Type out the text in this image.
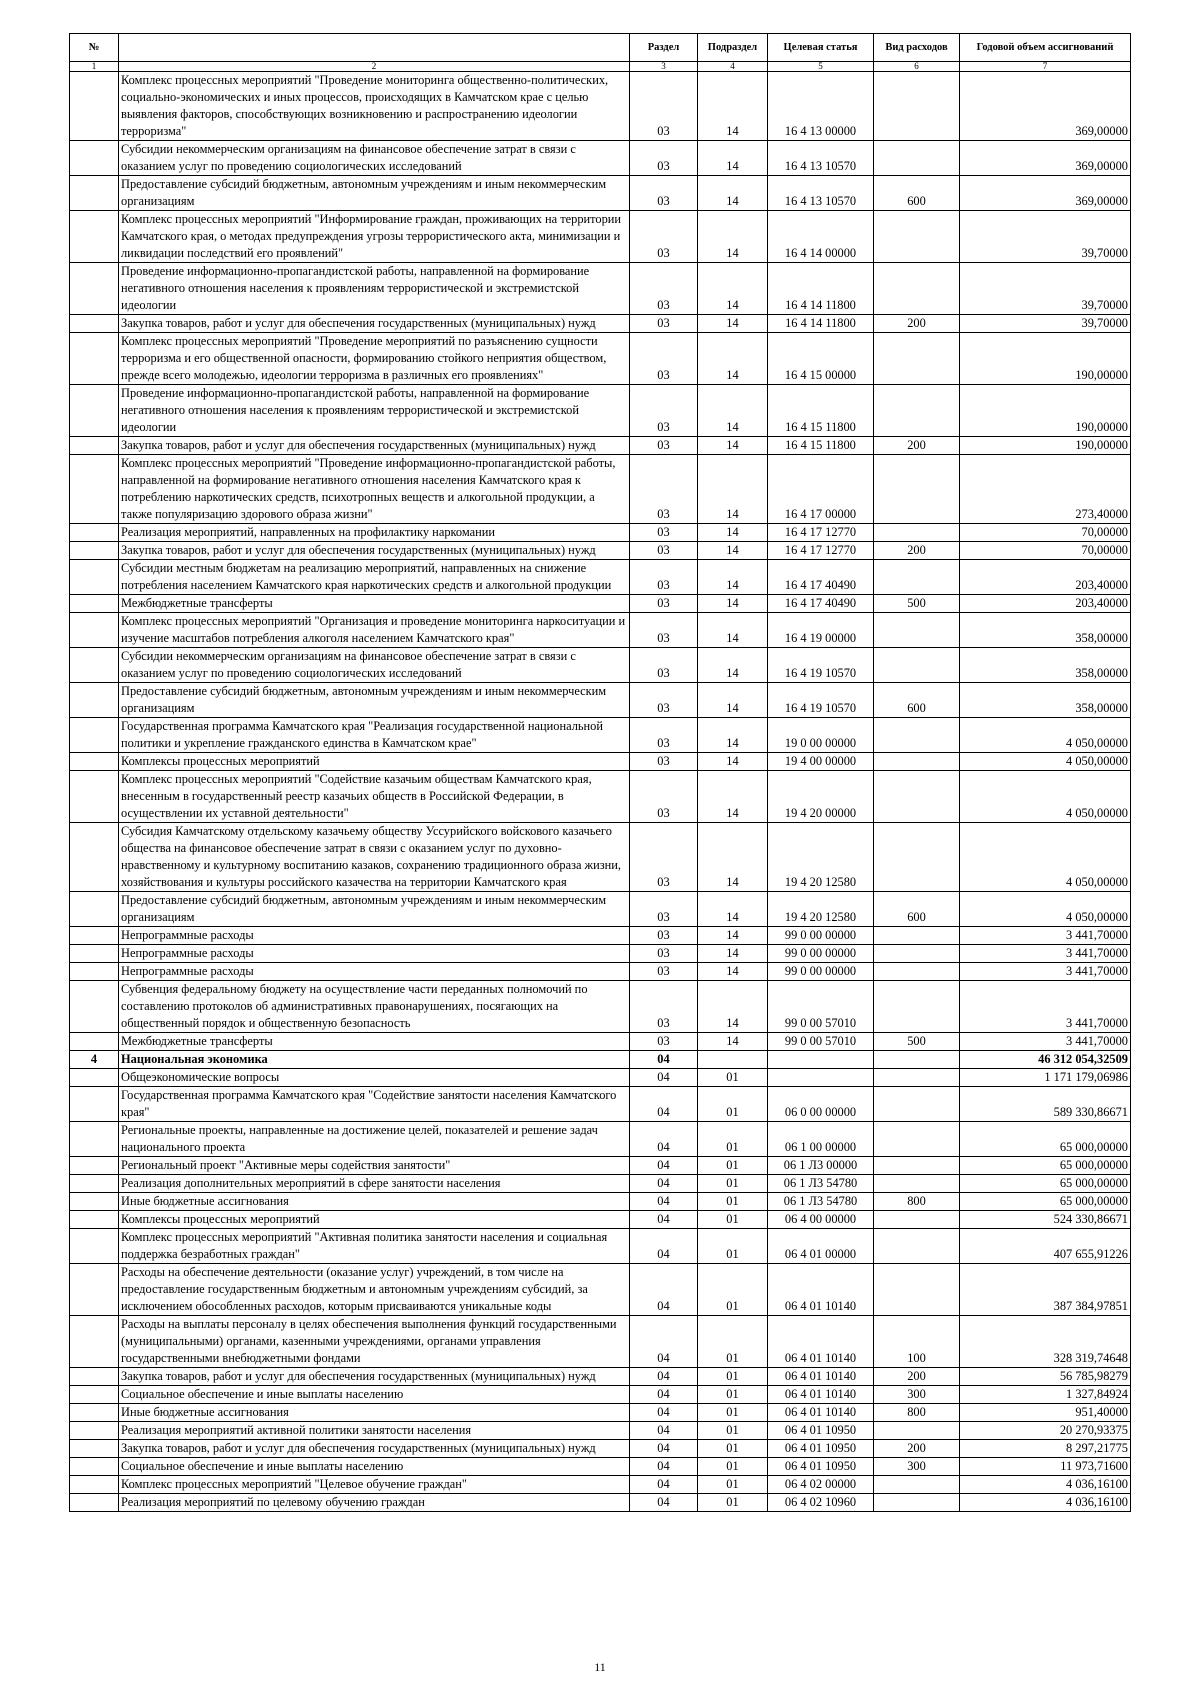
№		Раздел	Подраздел	Целевая статья	Вид расходов	Годовой объем ассигнований
1	2	3	4	5	6	7
	Комплекс процессных мероприятий "Проведение мониторинга общественно-политических, социально-экономических и иных процессов, происходящих в Камчатском крае с целью выявления факторов, способствующих возникновению и распространению идеологии терроризма"	03	14	16 4 13 00000		369,00000
	Субсидии некоммерческим организациям на финансовое обеспечение затрат в связи с оказанием услуг по проведению социологических исследований	03	14	16 4 13 10570		369,00000
	Предоставление субсидий бюджетным, автономным учреждениям и иным некоммерческим организациям	03	14	16 4 13 10570	600	369,00000
	Комплекс процессных мероприятий "Информирование граждан, проживающих на территории Камчатского края, о методах предупреждения угрозы террористического акта, минимизации и ликвидации последствий его проявлений"	03	14	16 4 14 00000		39,70000
	Проведение информационно-пропагандистской работы, направленной на формирование негативного отношения населения к проявлениям террористической и экстремистской идеологии	03	14	16 4 14 11800		39,70000
	Закупка товаров, работ и услуг для обеспечения государственных (муниципальных) нужд	03	14	16 4 14 11800	200	39,70000
	Комплекс процессных мероприятий "Проведение мероприятий по разъяснению сущности терроризма и его общественной опасности, формированию стойкого неприятия обществом, прежде всего молодежью, идеологии терроризма в различных его проявлениях"	03	14	16 4 15 00000		190,00000
	Проведение информационно-пропагандистской работы, направленной на формирование негативного отношения населения к проявлениям террористической и экстремистской идеологии	03	14	16 4 15 11800		190,00000
	Закупка товаров, работ и услуг для обеспечения государственных (муниципальных) нужд	03	14	16 4 15 11800	200	190,00000
	Комплекс процессных мероприятий "Проведение информационно-пропагандистской работы, направленной на формирование негативного отношения населения Камчатского края к потреблению наркотических средств, психотропных веществ и алкогольной продукции, а также популяризацию здорового образа жизни"	03	14	16 4 17 00000		273,40000
	Реализация мероприятий, направленных на профилактику наркомании	03	14	16 4 17 12770		70,00000
	Закупка товаров, работ и услуг для обеспечения государственных (муниципальных) нужд	03	14	16 4 17 12770	200	70,00000
	Субсидии местным бюджетам на реализацию мероприятий, направленных на снижение потребления населением Камчатского края наркотических средств и алкогольной продукции	03	14	16 4 17 40490		203,40000
	Межбюджетные трансферты	03	14	16 4 17 40490	500	203,40000
	Комплекс процессных мероприятий "Организация и проведение мониторинга наркоситуации и изучение масштабов потребления алкоголя населением Камчатского края"	03	14	16 4 19 00000		358,00000
	Субсидии некоммерческим организациям на финансовое обеспечение затрат в связи с оказанием услуг по проведению социологических исследований	03	14	16 4 19 10570		358,00000
	Предоставление субсидий бюджетным, автономным учреждениям и иным некоммерческим организациям	03	14	16 4 19 10570	600	358,00000
	Государственная программа Камчатского края "Реализация государственной национальной политики и укрепление гражданского единства в Камчатском крае"	03	14	19 0 00 00000		4 050,00000
	Комплексы процессных мероприятий	03	14	19 4 00 00000		4 050,00000
	Комплекс процессных мероприятий "Содействие казачьим обществам Камчатского края, внесенным в государственный реестр казачьих обществ в Российской Федерации, в осуществлении их уставной деятельности"	03	14	19 4 20 00000		4 050,00000
	Субсидия Камчатскому отдельскому казачьему обществу Уссурийского войскового казачьего общества на финансовое обеспечение затрат в связи с оказанием услуг по духовно-нравственному и культурному воспитанию казаков, сохранению традиционного образа жизни, хозяйствования и культуры российского казачества на территории Камчатского края	03	14	19 4 20 12580		4 050,00000
	Предоставление субсидий бюджетным, автономным учреждениям и иным некоммерческим организациям	03	14	19 4 20 12580	600	4 050,00000
	Непрограммные расходы	03	14	99 0 00 00000		3 441,70000
	Непрограммные расходы	03	14	99 0 00 00000		3 441,70000
	Непрограммные расходы	03	14	99 0 00 00000		3 441,70000
	Субвенция федеральному бюджету на осуществление части переданных полномочий по составлению протоколов об административных правонарушениях, посягающих на общественный порядок и общественную безопасность	03	14	99 0 00 57010		3 441,70000
	Межбюджетные трансферты	03	14	99 0 00 57010	500	3 441,70000
4	Национальная экономика	04				46 312 054,32509
	Общеэкономические вопросы	04	01			1 171 179,06986
	Государственная программа Камчатского края "Содействие занятости населения Камчатского края"	04	01	06 0 00 00000		589 330,86671
	Региональные проекты, направленные на достижение целей, показателей и решение задач национального проекта	04	01	06 1 00 00000		65 000,00000
	Региональный проект "Активные меры содействия занятости"	04	01	06 1 Л3 00000		65 000,00000
	Реализация дополнительных мероприятий в сфере занятости населения	04	01	06 1 Л3 54780		65 000,00000
	Иные бюджетные ассигнования	04	01	06 1 Л3 54780	800	65 000,00000
	Комплексы процессных мероприятий	04	01	06 4 00 00000		524 330,86671
	Комплекс процессных мероприятий "Активная политика занятости населения и социальная поддержка безработных граждан"	04	01	06 4 01 00000		407 655,91226
	Расходы на обеспечение деятельности (оказание услуг) учреждений, в том числе на предоставление государственным бюджетным и автономным учреждениям субсидий, за исключением обособленных расходов, которым присваиваются уникальные коды	04	01	06 4 01 10140		387 384,97851
	Расходы на выплаты персоналу в целях обеспечения выполнения функций государственными (муниципальными) органами, казенными учреждениями, органами управления государственными внебюджетными фондами	04	01	06 4 01 10140	100	328 319,74648
	Закупка товаров, работ и услуг для обеспечения государственных (муниципальных) нужд	04	01	06 4 01 10140	200	56 785,98279
	Социальное обеспечение и иные выплаты населению	04	01	06 4 01 10140	300	1 327,84924
	Иные бюджетные ассигнования	04	01	06 4 01 10140	800	951,40000
	Реализация мероприятий активной политики занятости населения	04	01	06 4 01 10950		20 270,93375
	Закупка товаров, работ и услуг для обеспечения государственных (муниципальных) нужд	04	01	06 4 01 10950	200	8 297,21775
	Социальное обеспечение и иные выплаты населению	04	01	06 4 01 10950	300	11 973,71600
	Комплекс процессных мероприятий "Целевое обучение граждан"	04	01	06 4 02 00000		4 036,16100
	Реализация мероприятий по целевому обучению граждан	04	01	06 4 02 10960		4 036,16100
11
